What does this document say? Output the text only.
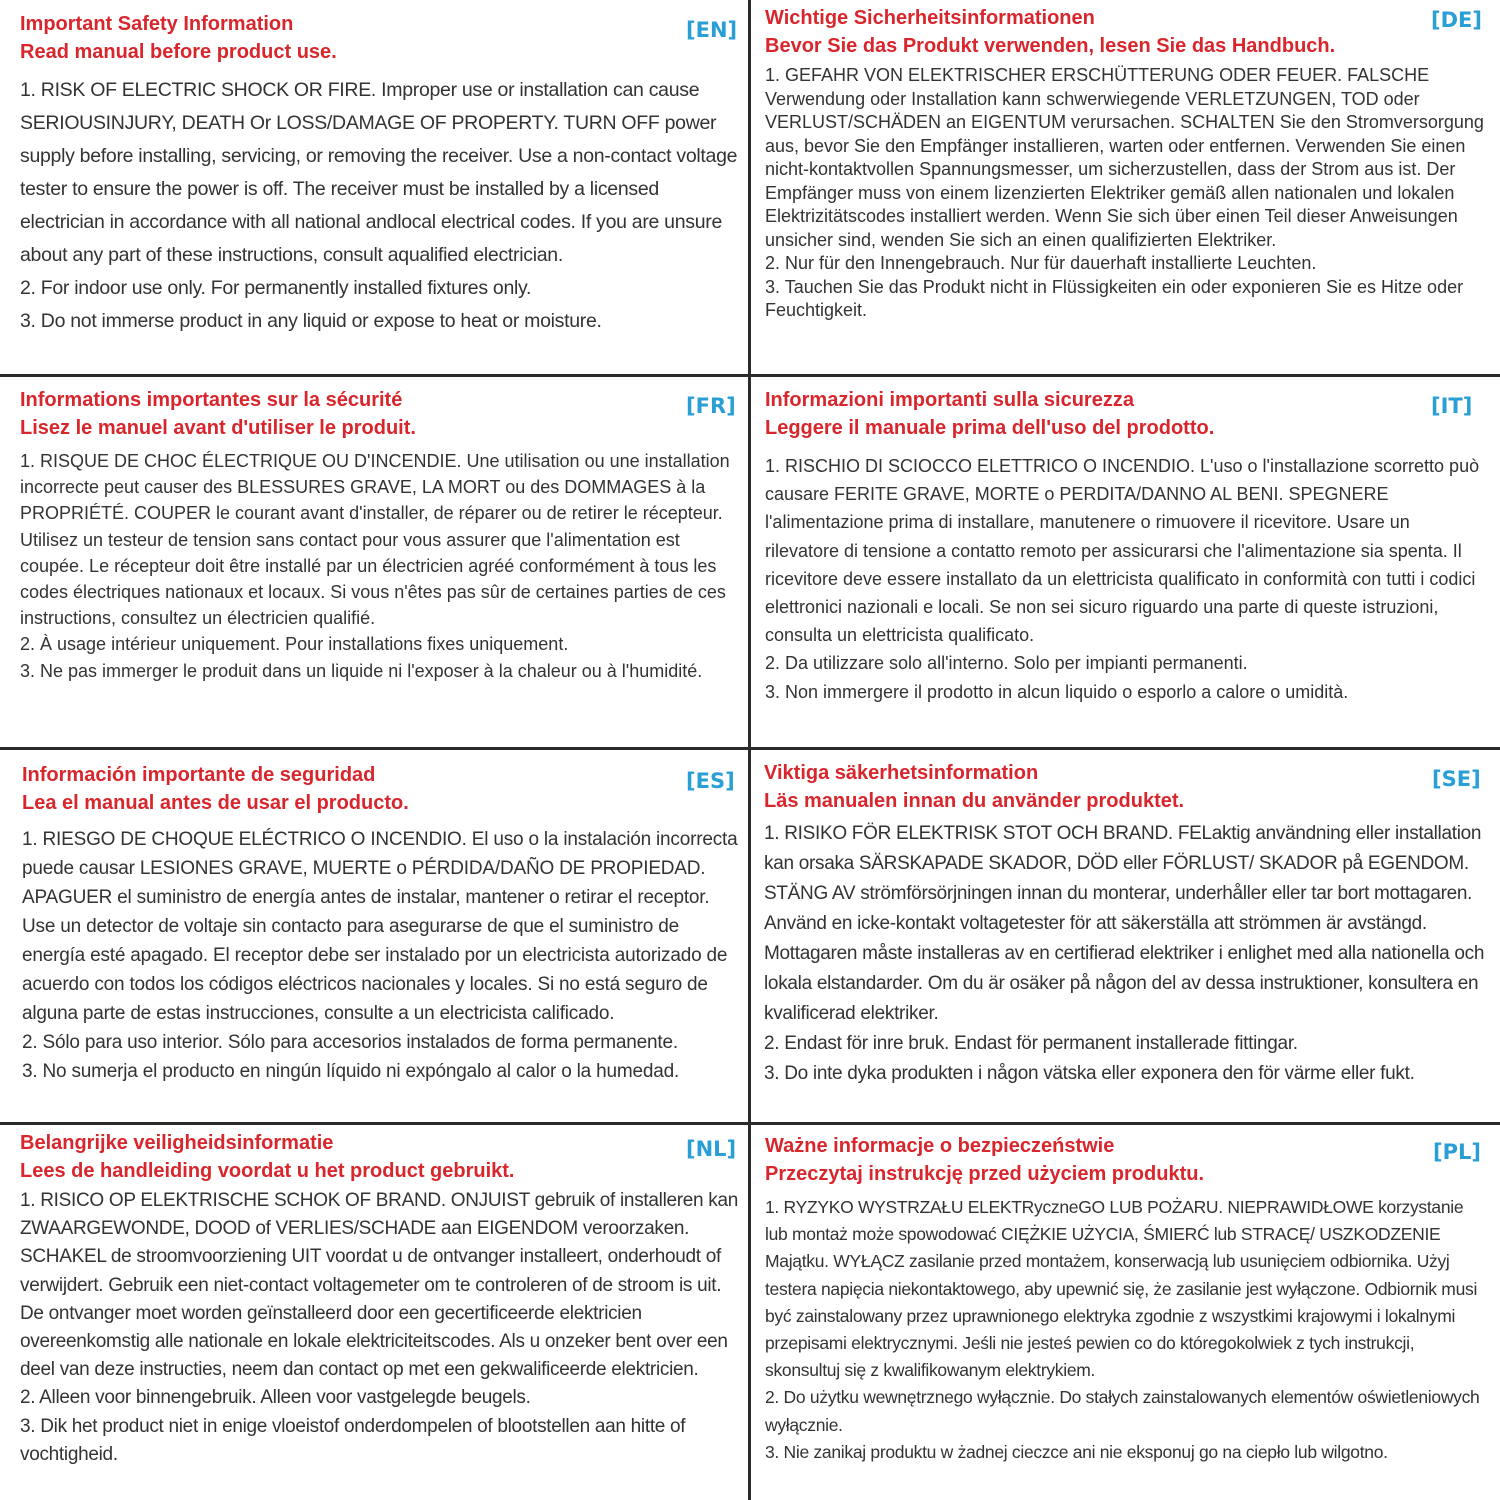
[EN]
Important Safety Information
Read manual before product use.

1. RISK OF ELECTRIC SHOCK OR FIRE. Improper use or installation can cause SERIOUSINJURY, DEATH Or LOSS/DAMAGE OF PROPERTY. TURN OFF power supply before installing, servicing, or removing the receiver. Use a non-contact voltage tester to ensure the power is off. The receiver must be installed by a licensed electrician in accordance with all national andlocal electrical codes. If you are unsure about any part of these instructions, consult aqualified electrician.

2. For indoor use only. For permanently installed fixtures only.

3. Do not immerse product in any liquid or expose to heat or moisture.

[DE]
Wichtige Sicherheitsinformationen
Bevor Sie das Produkt verwenden, lesen Sie das Handbuch.

1. GEFAHR VON ELEKTRISCHER ERSCHÜTTERUNG ODER FEUER. FALSCHE Verwendung oder Installation kann schwerwiegende VERLETZUNGEN, TOD oder VERLUST/SCHÄDEN an EIGENTUM verursachen. SCHALTEN Sie den Stromversorgung aus, bevor Sie den Empfänger installieren, warten oder entfernen. Verwenden Sie einen nicht-kontaktvollen Spannungsmesser, um sicherzustellen, dass der Strom aus ist. Der Empfänger muss von einem lizenzierten Elektriker gemäß allen nationalen und lokalen Elektrizitätscodes installiert werden. Wenn Sie sich über einen Teil dieser Anweisungen unsicher sind, wenden Sie sich an einen qualifizierten Elektriker.

2. Nur für den Innengebrauch. Nur für dauerhaft installierte Leuchten.

3. Tauchen Sie das Produkt nicht in Flüssigkeiten ein oder exponieren Sie es Hitze oder Feuchtigkeit.

[FR]
Informations importantes sur la sécurité
Lisez le manuel avant d'utiliser le produit.

1. RISQUE DE CHOC ÉLECTRIQUE OU D'INCENDIE. Une utilisation ou une installation incorrecte peut causer des BLESSURES GRAVE, LA MORT ou des DOMMAGES à la PROPRIÉTÉ. COUPER le courant avant d'installer, de réparer ou de retirer le récepteur. Utilisez un testeur de tension sans contact pour vous assurer que l'alimentation est coupée. Le récepteur doit être installé par un électricien agréé conformément à tous les codes électriques nationaux et locaux. Si vous n'êtes pas sûr de certaines parties de ces instructions, consultez un électricien qualifié.

2. À usage intérieur uniquement. Pour installations fixes uniquement.

3. Ne pas immerger le produit dans un liquide ni l'exposer à la chaleur ou à l'humidité.

[IT]
Informazioni importanti sulla sicurezza
Leggere il manuale prima dell'uso del prodotto.

1. RISCHIO DI SCIOCCO ELETTRICO O INCENDIO. L'uso o l'installazione scorretto può causare FERITE GRAVE, MORTE o PERDITA/DANNO AL BENI. SPEGNERE l'alimentazione prima di installare, manutenere o rimuovere il ricevitore. Usare un rilevatore di tensione a contatto remoto per assicurarsi che l'alimentazione sia spenta. Il ricevitore deve essere installato da un elettricista qualificato in conformità con tutti i codici elettronici nazionali e locali. Se non sei sicuro riguardo una parte di queste istruzioni, consulta un elettricista qualificato.

2. Da utilizzare solo all'interno. Solo per impianti permanenti.

3. Non immergere il prodotto in alcun liquido o esporlo a calore o umidità.

[ES]
Información importante de seguridad
Lea el manual antes de usar el producto.

1. RIESGO DE CHOQUE ELÉCTRICO O INCENDIO. El uso o la instalación incorrecta puede causar LESIONES GRAVE, MUERTE o PÉRDIDA/DAÑO DE PROPIEDAD. APAGUER el suministro de energía antes de instalar, mantener o retirar el receptor. Use un detector de voltaje sin contacto para asegurarse de que el suministro de energía esté apagado. El receptor debe ser instalado por un electricista autorizado de acuerdo con todos los códigos eléctricos nacionales y locales. Si no está seguro de alguna parte de estas instrucciones, consulte a un electricista calificado.

2. Sólo para uso interior. Sólo para accesorios instalados de forma permanente.

3. No sumerja el producto en ningún líquido ni expóngalo al calor o la humedad.

[SE]
Viktiga säkerhetsinformation
Läs manualen innan du använder produktet.

1. RISIKO FÖR ELEKTRISK STOT OCH BRAND. FELaktig användning eller installation kan orsaka SÄRSKAPADE SKADOR, DÖD eller FÖRLUST/ SKADOR på EGENDOM. STÄNG AV strömförsörjningen innan du monterar, underhåller eller tar bort mottagaren. Använd en icke-kontakt voltagetester för att säkerställa att strömmen är avstängd. Mottagaren måste installeras av en certifierad elektriker i enlighet med alla nationella och lokala elstandarder. Om du är osäker på någon del av dessa instruktioner, konsultera en kvalificerad elektriker.

2. Endast för inre bruk. Endast för permanent installerade fittingar.

3. Do inte dyka produkten i någon vätska eller exponera den för värme eller fukt.

[NL]
Belangrijke veiligheidsinformatie
Lees de handleiding voordat u het product gebruikt.

1. RISICO OP ELEKTRISCHE SCHOK OF BRAND. ONJUIST gebruik of installeren kan ZWAARGEWONDE, DOOD of VERLIES/SCHADE aan EIGENDOM veroorzaken. SCHAKEL de stroomvoorziening UIT voordat u de ontvanger installeert, onderhoudt of verwijdert. Gebruik een niet-contact voltagemeter om te controleren of de stroom is uit. De ontvanger moet worden geïnstalleerd door een gecertificeerde elektricien overeenkomstig alle nationale en lokale elektriciteitscodes. Als u onzeker bent over een deel van deze instructies, neem dan contact op met een gekwalificeerde elektricien.

2. Alleen voor binnengebruik. Alleen voor vastgelegde beugels.

3. Dik het product niet in enige vloeistof onderdompelen of blootstellen aan hitte of vochtigheid.

[PL]
Ważne informacje o bezpieczeństwie
Przeczytaj instrukcję przed użyciem produktu.

1. RYZYKO WYSTRZAŁU ELEKTRyczneGO LUB POŻARU. NIEPRAWIDŁOWE korzystanie lub montaż może spowodować CIĘŻKIE UŻYCIA, ŚMIERĆ lub STRACĘ/ USZKODZENIE Majątku. WYŁĄCZ zasilanie przed montażem, konserwacją lub usunięciem odbiornika. Użyj testera napięcia niekontaktowego, aby upewnić się, że zasilanie jest wyłączone. Odbiornik musi być zainstalowany przez uprawnionego elektryka zgodnie z wszystkimi krajowymi i lokalnymi przepisami elektrycznymi. Jeśli nie jesteś pewien co do któregokolwiek z tych instrukcji, skonsultuj się z kwalifikowanym elektrykiem.

2. Do użytku wewnętrznego wyłącznie. Do stałych zainstalowanych elementów oświetleniowych wyłącznie.

3. Nie zanikaj produktu w żadnej cieczce ani nie eksponuj go na ciepło lub wilgotno.
